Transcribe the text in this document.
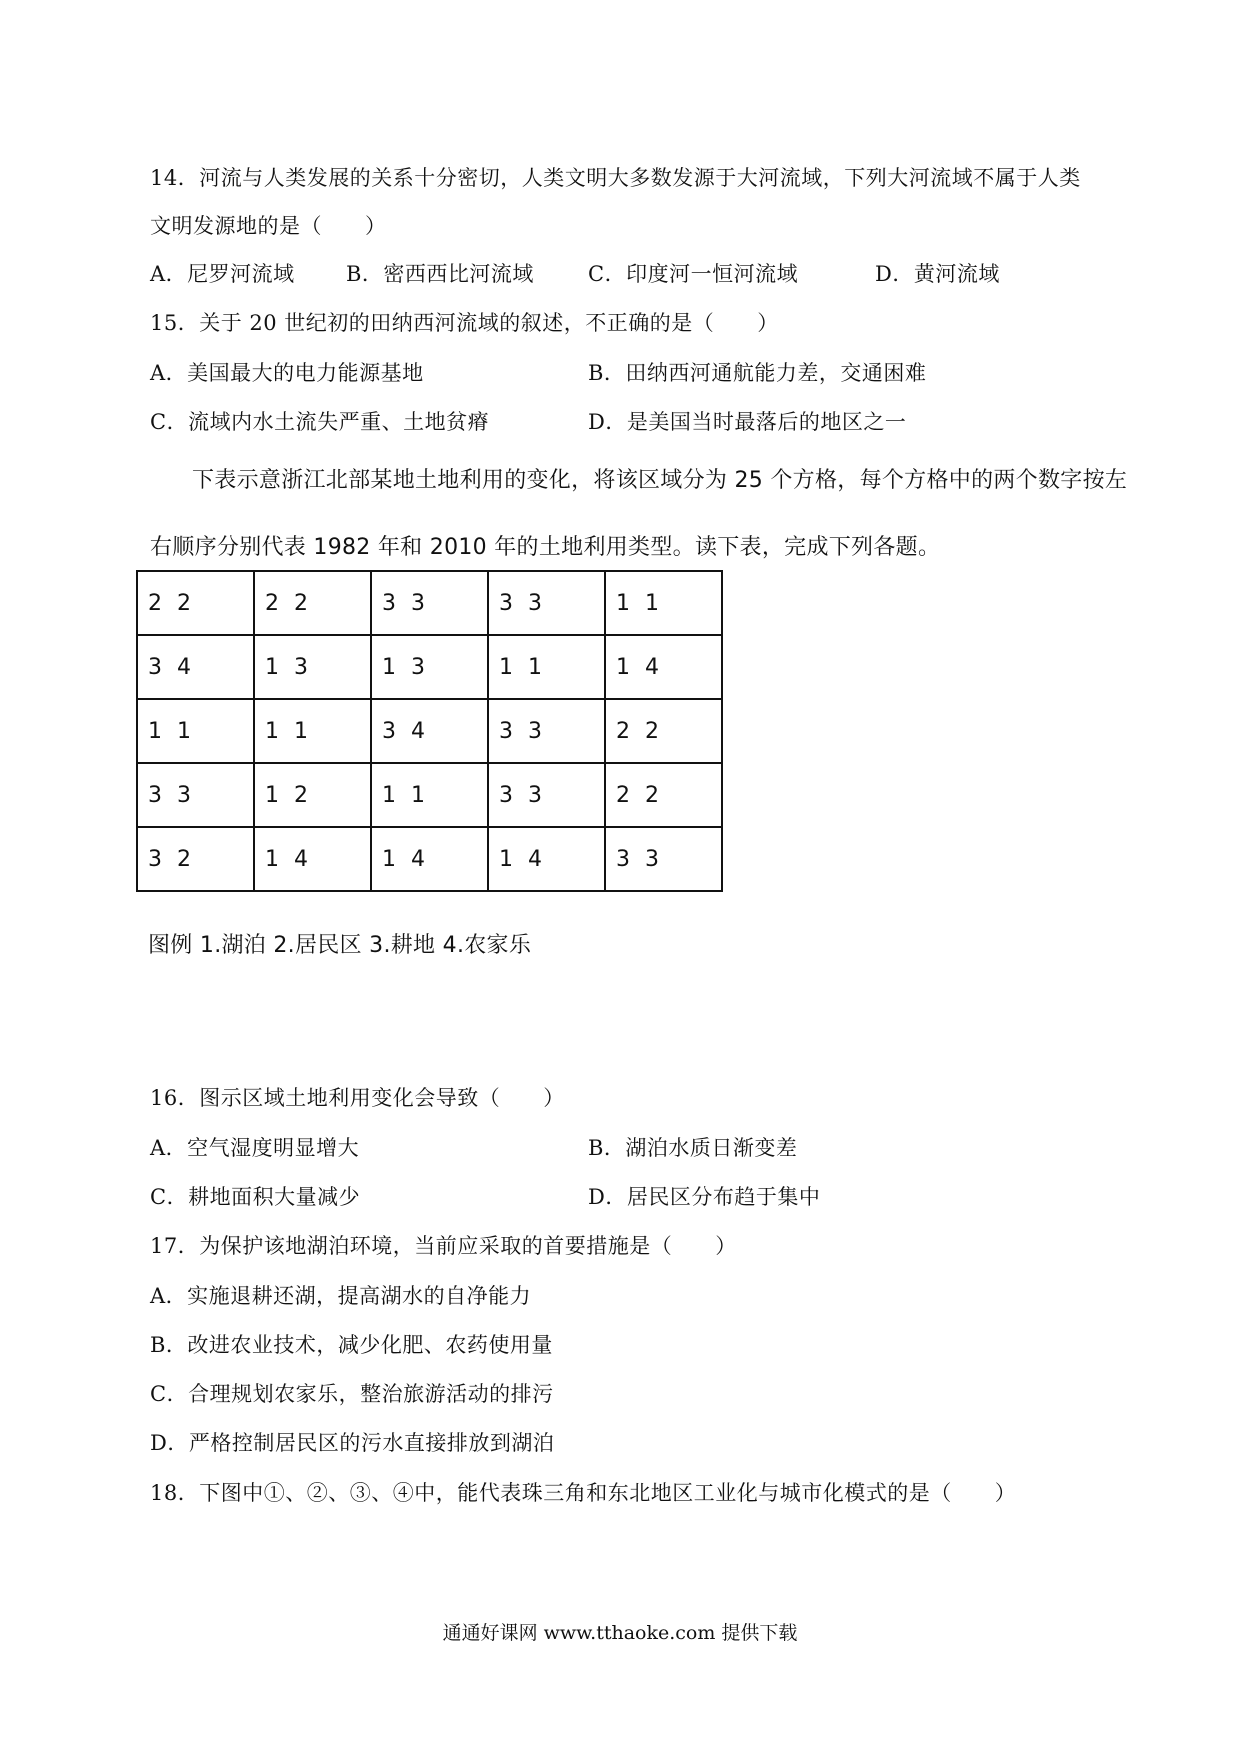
14．河流与人类发展的关系十分密切，人类文明大多数发源于大河流域，下列大河流域不属于人类
文明发源地的是（　　）
A．尼罗河流域 B．密西西比河流域	C．印度河一恒河流域	D．黄河流域
15．关于 20 世纪初的田纳西河流域的叙述，不正确的是（　　）
A．美国最大的电力能源基地	B．田纳西河通航能力差，交通困难
C．流域内水土流失严重、土地贫瘠	D．是美国当时最落后的地区之一
下表示意浙江北部某地土地利用的变化，将该区域分为 25 个方格，每个方格中的两个数字按左
右顺序分别代表 1982 年和 2010 年的土地利用类型。读下表，完成下列各题。
2 2	2 2	3 3	3 3	1 1
3 4	1 3	1 3	1 1	1 4
1 1	1 1	3 4	3 3	2 2
3 3	1 2	1 1	3 3	2 2
3 2	1 4	1 4	1 4	3 3
图例 1.湖泊 2.居民区 3.耕地 4.农家乐
16．图示区域土地利用变化会导致（　　）
A．空气湿度明显增大	B．湖泊水质日渐变差
C．耕地面积大量减少	D．居民区分布趋于集中
17．为保护该地湖泊环境，当前应采取的首要措施是（　　）
A．实施退耕还湖，提高湖水的自净能力
B．改进农业技术，减少化肥、农药使用量
C．合理规划农家乐，整治旅游活动的排污
D．严格控制居民区的污水直接排放到湖泊
18．下图中①、②、③、④中，能代表珠三角和东北地区工业化与城市化模式的是（　　）
通通好课网 www.tthaoke.com 提供下载
